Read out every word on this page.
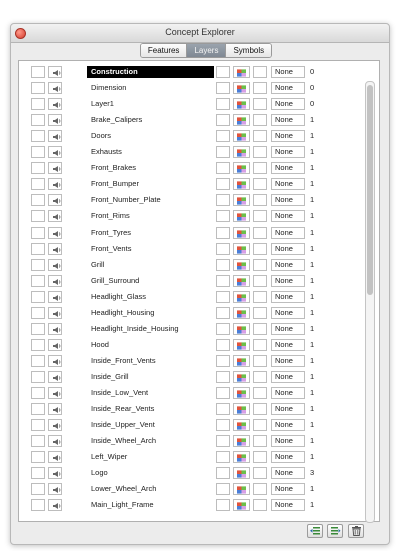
Concept Explorer
Features	Layers	Symbols
Construction	None	0
Dimension	None	0
Layer1	None	0
Brake_Calipers	None	1
Doors	None	1
Exhausts	None	1
Front_Brakes	None	1
Front_Bumper	None	1
Front_Number_Plate	None	1
Front_Rims	None	1
Front_Tyres	None	1
Front_Vents	None	1
Grill	None	1
Grill_Surround	None	1
Headlight_Glass	None	1
Headlight_Housing	None	1
Headlight_Inside_Housing	None	1
Hood	None	1
Inside_Front_Vents	None	1
Inside_Grill	None	1
Inside_Low_Vent	None	1
Inside_Rear_Vents	None	1
Inside_Upper_Vent	None	1
Inside_Wheel_Arch	None	1
Left_Wiper	None	1
Logo	None	3
Lower_Wheel_Arch	None	1
Main_Light_Frame	None	1
